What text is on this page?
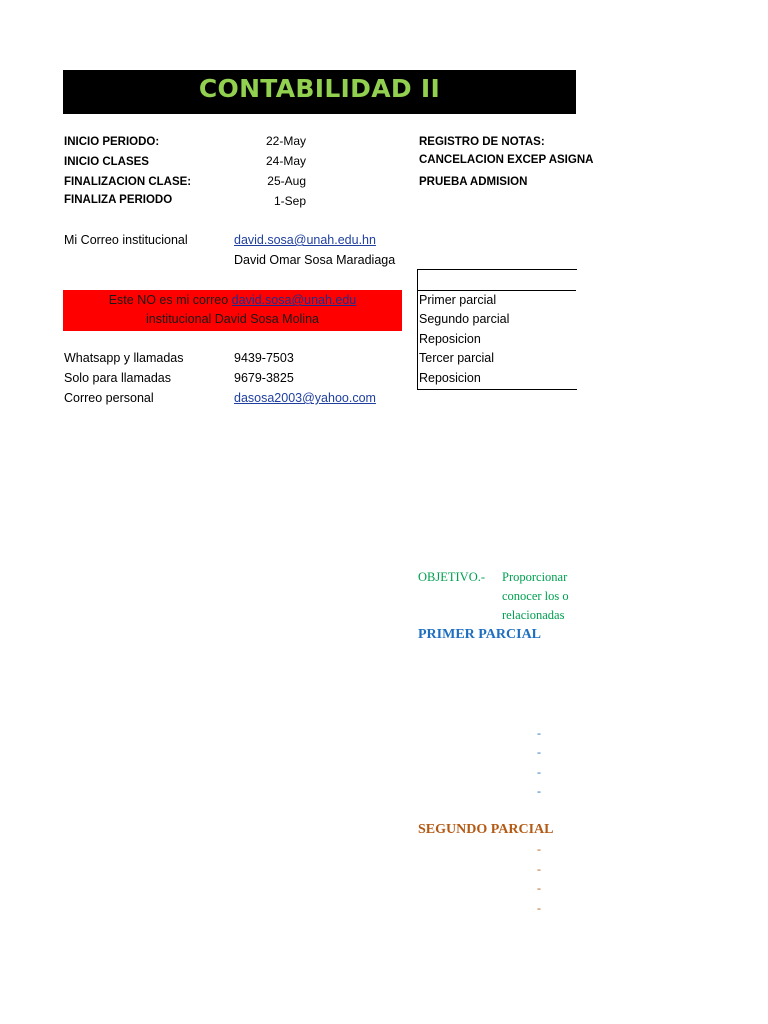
CONTABILIDAD II
INICIO PERIODO:	22-May
INICIO CLASES	24-May
FINALIZACION CLASE:	25-Aug
FINALIZA PERIODO	1-Sep
REGISTRO DE NOTAS:
CANCELACION EXCEP ASIGNA
PRUEBA ADMISION
Mi Correo institucional	david.sosa@unah.edu.hn
David Omar Sosa Maradiaga
Este NO es mi correo david.sosa@unah.edu
institucional David Sosa Molina
Whatsapp y llamadas	9439-7503
Solo para llamadas	9679-3825
Correo personal	dasosa2003@yahoo.com
Primer parcial
Segundo parcial
Reposicion
Tercer parcial
Reposicion
OBJETIVO.- Proporcionar
conocer los o
relacionadas
PRIMER PARCIAL
-
-
-
-
SEGUNDO PARCIAL
-
-
-
-
